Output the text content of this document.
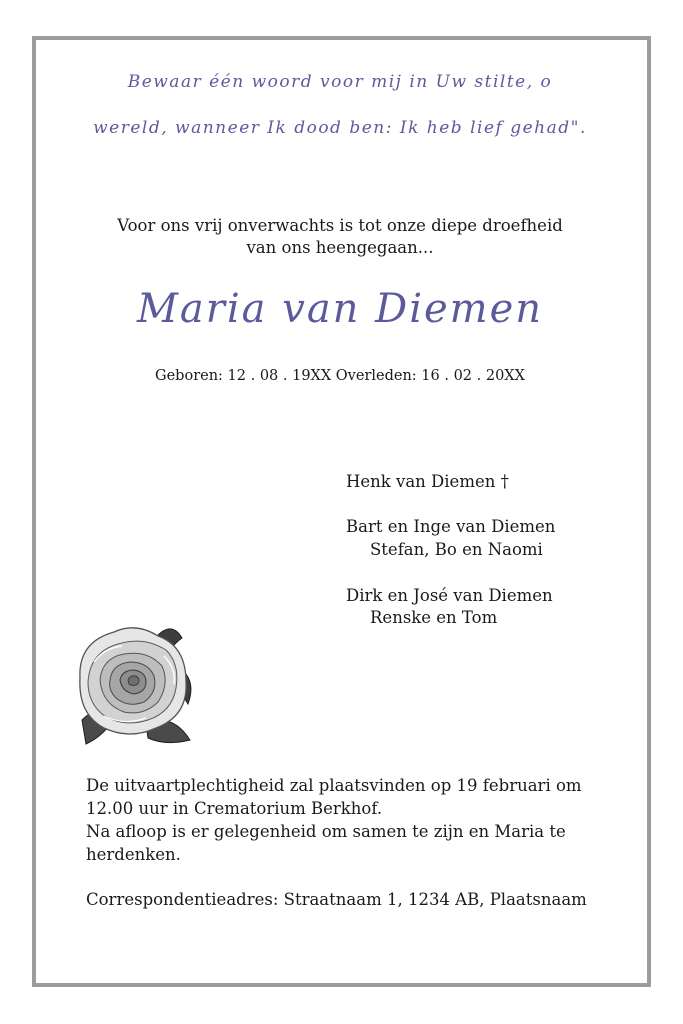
Bewaar één woord voor mij in Uw stilte, o
wereld, wanneer Ik dood ben: Ik heb lief gehad".
Voor ons vrij onverwachts is tot onze diepe droefheid
van ons heengegaan...
Maria van Diemen
Geboren: 12 . 08 . 19XX Overleden: 16 . 02 . 20XX
Henk van Diemen †
Bart en Inge van Diemen
Stefan, Bo en Naomi
Dirk en José van Diemen
Renske en Tom
De uitvaartplechtigheid zal plaatsvinden op 19 februari om
12.00 uur in Crematorium Berkhof.
Na afloop is er gelegenheid om samen te zijn en Maria te
herdenken.
Correspondentieadres: Straatnaam 1, 1234 AB, Plaatsnaam
